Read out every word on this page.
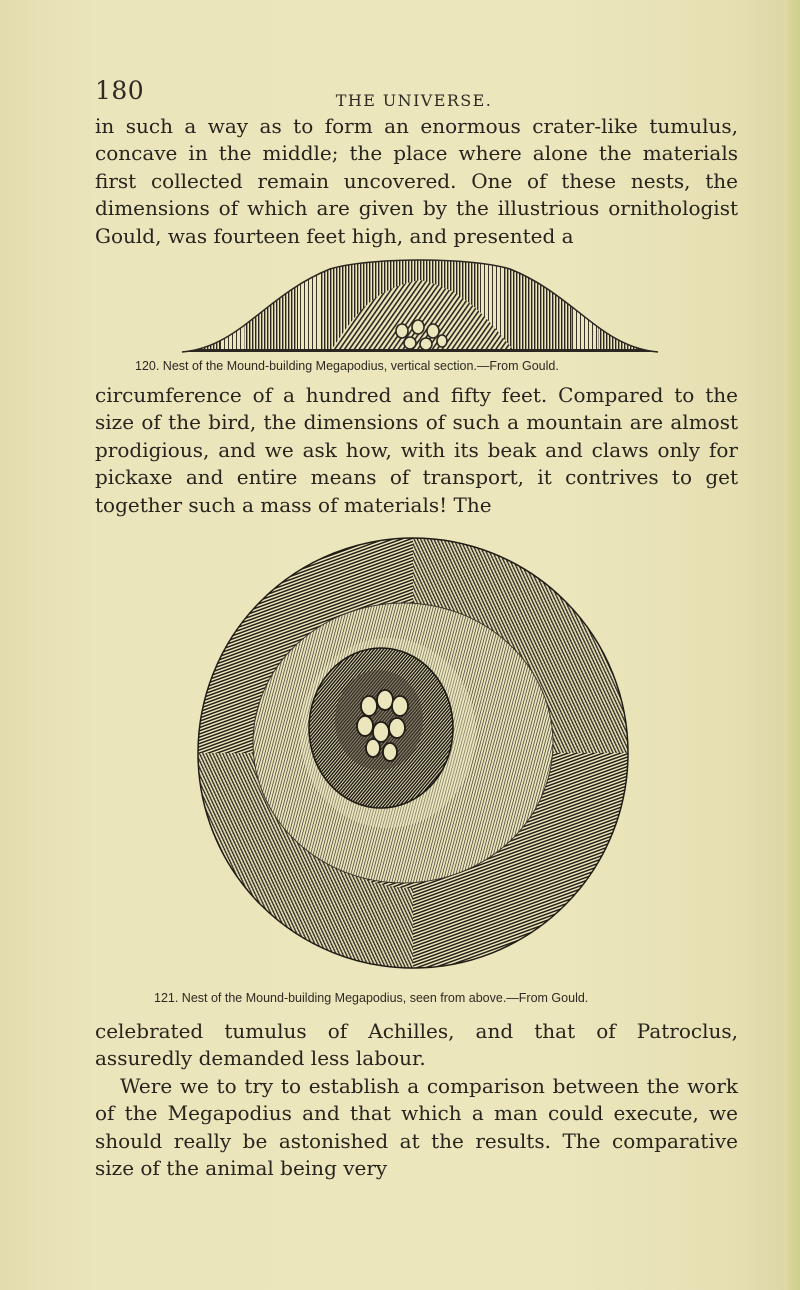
180	THE UNIVERSE.

in such a way as to form an enormous crater-like tumulus, concave in the middle; the place where alone the materials first collected remain uncovered. One of these nests, the dimensions of which are given by the illustrious ornithologist Gould, was fourteen feet high, and presented a

120. Nest of the Mound-building Megapodius, vertical section.—From Gould.

circumference of a hundred and fifty feet. Compared to the size of the bird, the dimensions of such a mountain are almost prodigious, and we ask how, with its beak and claws only for pickaxe and entire means of transport, it contrives to get together such a mass of materials! The

121. Nest of the Mound-building Megapodius, seen from above.—From Gould.

celebrated tumulus of Achilles, and that of Patroclus, assuredly demanded less labour.

Were we to try to establish a comparison between the work of the Megapodius and that which a man could execute, we should really be astonished at the results. The comparative size of the animal being very
